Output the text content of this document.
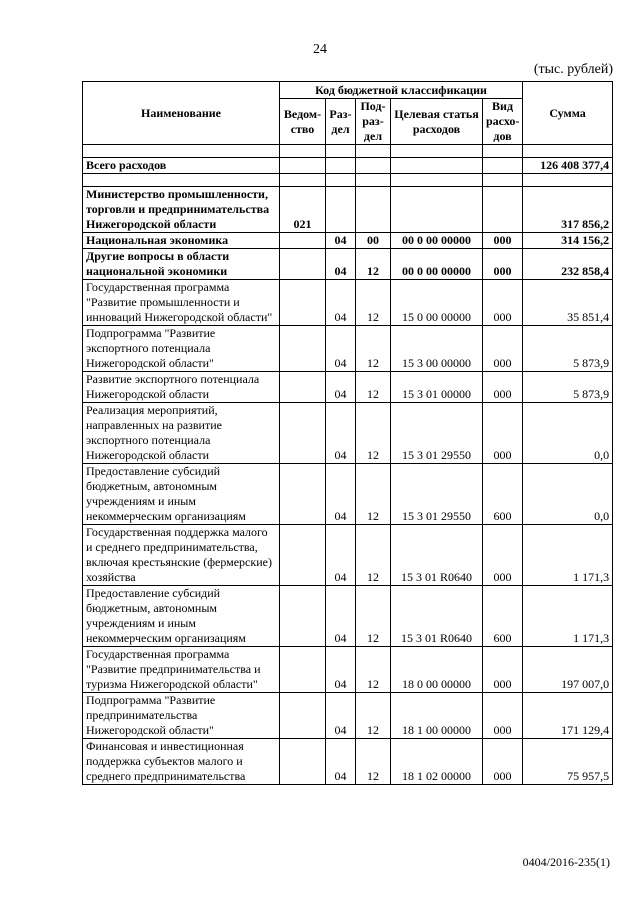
24
(тыс. рублей)
Наименование	Код бюджетной классификации					Сумма
	Ведом-ство	Раз-дел	Под-раз-дел	Целевая статья расходов	Вид расхо-дов	

Всего расходов						126 408 377,4

Министерство промышленности, торговли и предпринимательства Нижегородской области	021					317 856,2
Национальная экономика		04	00	00 0 00 00000	000	314 156,2
Другие вопросы в области национальной экономики		04	12	00 0 00 00000	000	232 858,4
Государственная программа "Развитие промышленности и инноваций Нижегородской области"		04	12	15 0 00 00000	000	35 851,4
Подпрограмма "Развитие экспортного потенциала Нижегородской области"		04	12	15 3 00 00000	000	5 873,9
Развитие экспортного потенциала Нижегородской области		04	12	15 3 01 00000	000	5 873,9
Реализация мероприятий, направленных на развитие экспортного потенциала Нижегородской области		04	12	15 3 01 29550	000	0,0
Предоставление субсидий бюджетным, автономным учреждениям и иным некоммерческим организациям		04	12	15 3 01 29550	600	0,0
Государственная поддержка малого и среднего предпринимательства, включая крестьянские (фермерские) хозяйства		04	12	15 3 01 R0640	000	1 171,3
Предоставление субсидий бюджетным, автономным учреждениям и иным некоммерческим организациям		04	12	15 3 01 R0640	600	1 171,3
Государственная программа "Развитие предпринимательства и туризма Нижегородской области"		04	12	18 0 00 00000	000	197 007,0
Подпрограмма "Развитие предпринимательства Нижегородской области"		04	12	18 1 00 00000	000	171 129,4
Финансовая и инвестиционная поддержка субъектов малого и среднего предпринимательства		04	12	18 1 02 00000	000	75 957,5
0404/2016-235(1)
